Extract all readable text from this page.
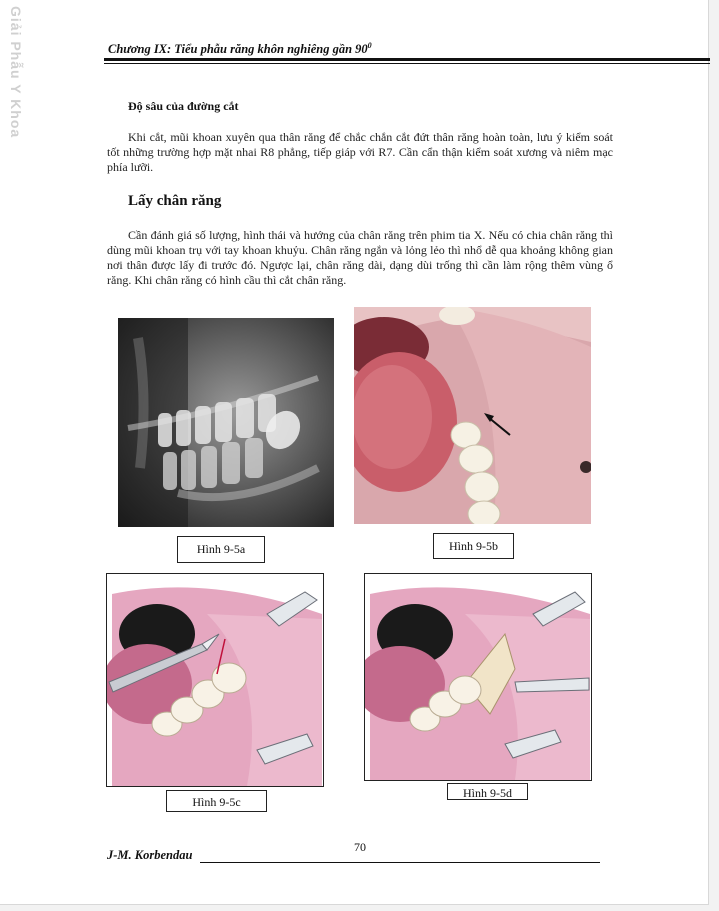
Giải Phẫu Y Khoa	Chương IX: Tiểu phẫu răng khôn nghiêng gần $90^0$
Độ sâu của đường cắt

Khi cắt, mũi khoan xuyên qua thân răng để chắc chắn cắt đứt thân răng hoàn toàn, lưu ý kiểm soát tốt những trường hợp mặt nhai R8 phẳng, tiếp giáp với R7. Cần cẩn thận kiểm soát xương và niêm mạc phía lưỡi.

Lấy chân răng

Cần đánh giá số lượng, hình thái và hướng của chân răng trên phim tia X. Nếu có chia chân răng thì dùng mũi khoan trụ với tay khoan khuỷu. Chân răng ngắn và lỏng lẻo thì nhổ dễ qua khoảng không gian nơi thân được lấy đi trước đó. Ngược lại, chân răng dài, dạng dùi trống thì cần làm rộng thêm vùng ổ răng. Khi chân răng có hình cầu thì cắt chân răng.

Hình 9-5a	Hình 9-5b
Hình 9-5c
Hình 9-5d
70
J-M. Korbendau
